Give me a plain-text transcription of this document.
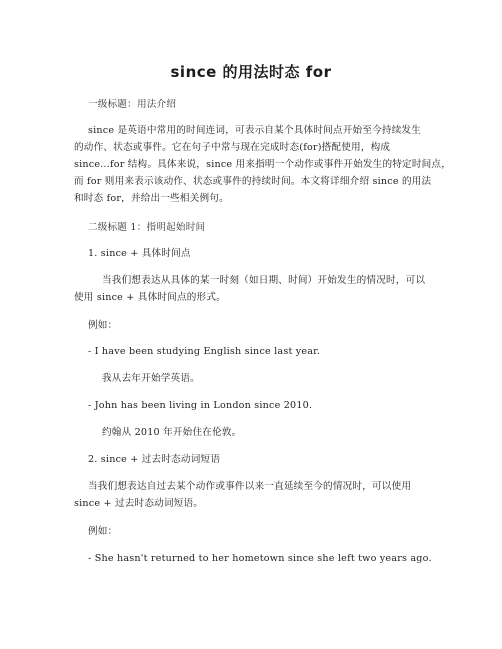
since 的用法时态 for
一级标题：用法介绍
since 是英语中常用的时间连词，可表示自某个具体时间点开始至今持续发生
的动作、状态或事件。它在句子中常与现在完成时态(for)搭配使用，构成
since...for 结构。具体来说，since 用来指明一个动作或事件开始发生的特定时间点，
而 for 则用来表示该动作、状态或事件的持续时间。本文将详细介绍 since 的用法
和时态 for，并给出一些相关例句。
二级标题 1：指明起始时间
1. since + 具体时间点
当我们想表达从具体的某一时刻（如日期、时间）开始发生的情况时，可以
使用 since + 具体时间点的形式。
例如：
- I have been studying English since last year.
我从去年开始学英语。
- John has been living in London since 2010.
约翰从 2010 年开始住在伦敦。
2. since + 过去时态动词短语
当我们想表达自过去某个动作或事件以来一直延续至今的情况时，可以使用
since + 过去时态动词短语。
例如：
- She hasn't returned to her hometown since she left two years ago.
